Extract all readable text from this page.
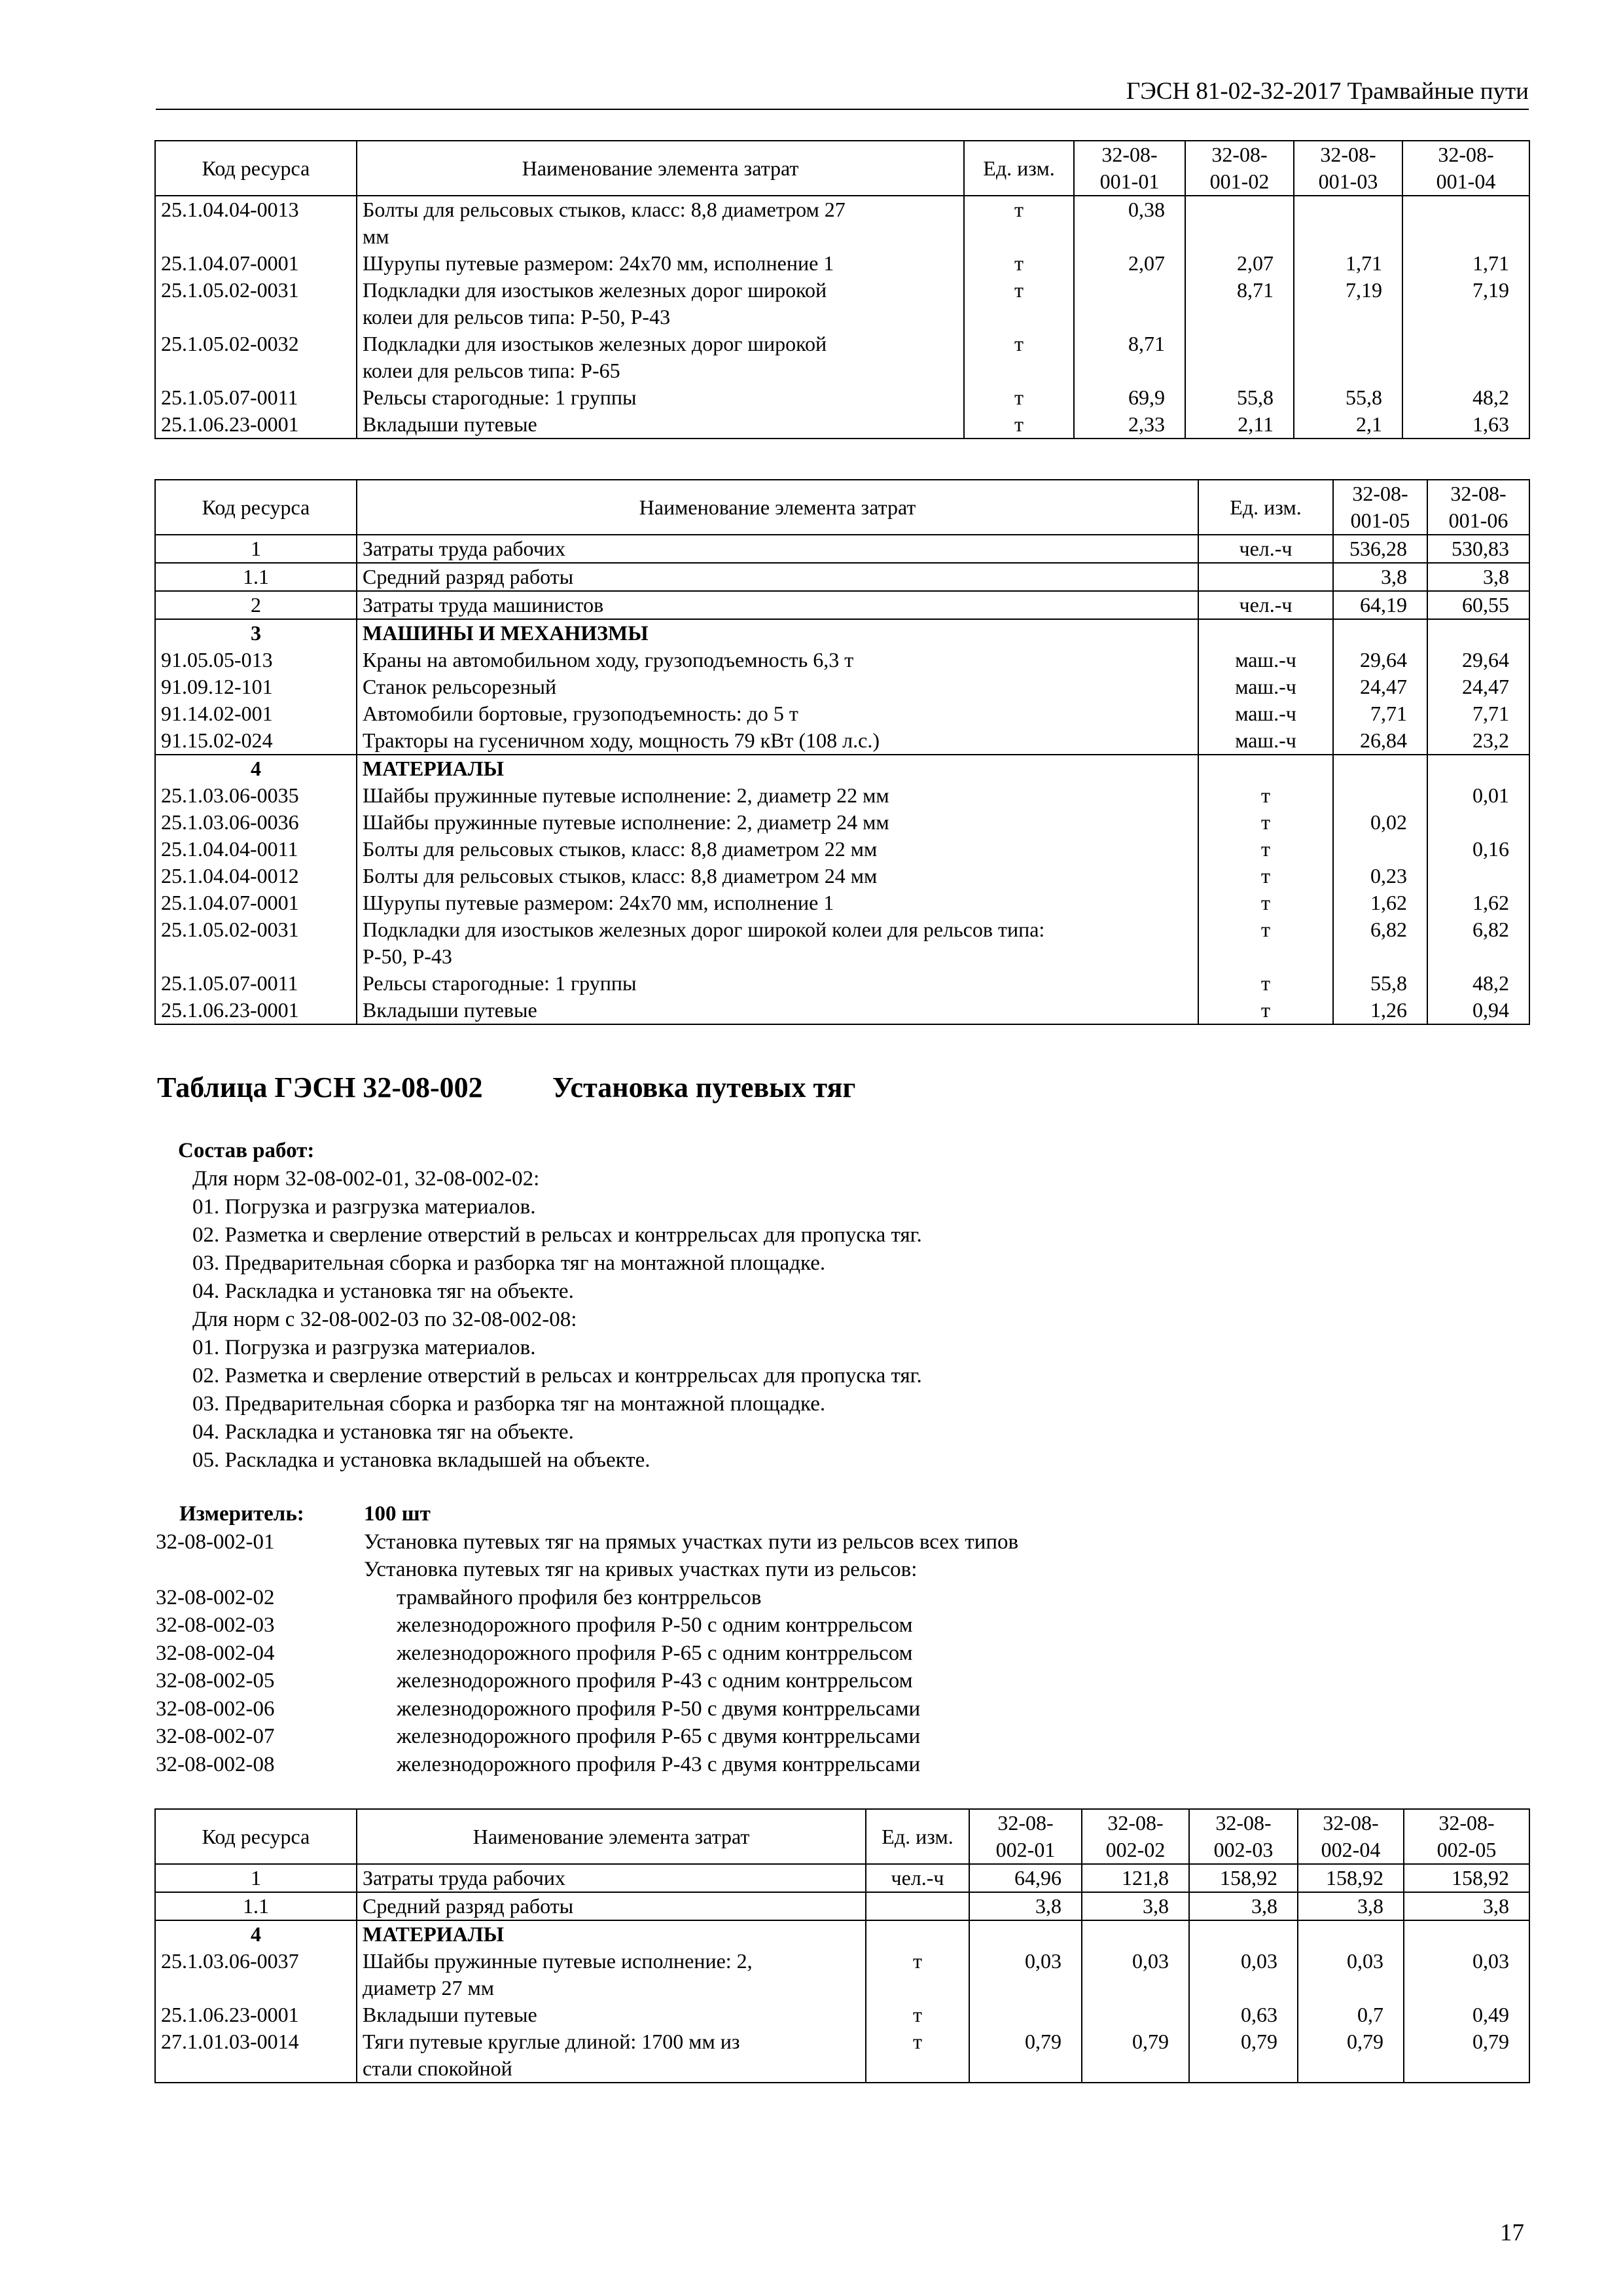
ГЭСН 81-02-32-2017 Трамвайные пути
Код ресурса	Наименование элемента затрат	Ед. изм.	32-08-
001-01	32-08-
001-02	32-08-
001-03	32-08-
001-04
25.1.04.04-0013	Болты для рельсовых стыков, класс: 8,8 диаметром 27
мм	т	0,38			
25.1.04.07-0001	Шурупы путевые размером: 24х70 мм, исполнение 1	т	2,07	2,07	1,71	1,71
25.1.05.02-0031	Подкладки для изостыков железных дорог широкой
колеи для рельсов типа: Р-50, Р-43	т		8,71	7,19	7,19
25.1.05.02-0032	Подкладки для изостыков железных дорог широкой
колеи для рельсов типа: Р-65	т	8,71			
25.1.05.07-0011	Рельсы старогодные: 1 группы	т	69,9	55,8	55,8	48,2
25.1.06.23-0001	Вкладыши путевые	т	2,33	2,11	2,1	1,63
Код ресурса	Наименование элемента затрат	Ед. изм.	32-08-
001-05	32-08-
001-06
1	Затраты труда рабочих	чел.-ч	536,28	530,83
1.1	Средний разряд работы		3,8	3,8
2	Затраты труда машинистов	чел.-ч	64,19	60,55
3	МАШИНЫ И МЕХАНИЗМЫ			
91.05.05-013	Краны на автомобильном ходу, грузоподъемность 6,3 т	маш.-ч	29,64	29,64
91.09.12-101	Станок рельсорезный	маш.-ч	24,47	24,47
91.14.02-001	Автомобили бортовые, грузоподъемность: до 5 т	маш.-ч	7,71	7,71
91.15.02-024	Тракторы на гусеничном ходу, мощность 79 кВт (108 л.с.)	маш.-ч	26,84	23,2
4	МАТЕРИАЛЫ			
25.1.03.06-0035	Шайбы пружинные путевые исполнение: 2, диаметр 22 мм	т		0,01
25.1.03.06-0036	Шайбы пружинные путевые исполнение: 2, диаметр 24 мм	т	0,02	
25.1.04.04-0011	Болты для рельсовых стыков, класс: 8,8 диаметром 22 мм	т		0,16
25.1.04.04-0012	Болты для рельсовых стыков, класс: 8,8 диаметром 24 мм	т	0,23	
25.1.04.07-0001	Шурупы путевые размером: 24х70 мм, исполнение 1	т	1,62	1,62
25.1.05.02-0031	Подкладки для изостыков железных дорог широкой колеи для рельсов типа:
Р-50, Р-43	т	6,82	6,82
25.1.05.07-0011	Рельсы старогодные: 1 группы	т	55,8	48,2
25.1.06.23-0001	Вкладыши путевые	т	1,26	0,94
Таблица ГЭСН 32-08-002 Установка путевых тяг
Состав работ:
Для норм 32-08-002-01, 32-08-002-02:
01. Погрузка и разгрузка материалов.
02. Разметка и сверление отверстий в рельсах и контррельсах для пропуска тяг.
03. Предварительная сборка и разборка тяг на монтажной площадке.
04. Раскладка и установка тяг на объекте.
Для норм с 32-08-002-03 по 32-08-002-08:
01. Погрузка и разгрузка материалов.
02. Разметка и сверление отверстий в рельсах и контррельсах для пропуска тяг.
03. Предварительная сборка и разборка тяг на монтажной площадке.
04. Раскладка и установка тяг на объекте.
05. Раскладка и установка вкладышей на объекте.
Измеритель:	100 шт
32-08-002-01	Установка путевых тяг на прямых участках пути из рельсов всех типов
Установка путевых тяг на кривых участках пути из рельсов:
32-08-002-02	трамвайного профиля без контррельсов
32-08-002-03	железнодорожного профиля Р-50 с одним контррельсом
32-08-002-04	железнодорожного профиля Р-65 с одним контррельсом
32-08-002-05	железнодорожного профиля Р-43 с одним контррельсом
32-08-002-06	железнодорожного профиля Р-50 с двумя контррельсами
32-08-002-07	железнодорожного профиля Р-65 с двумя контррельсами
32-08-002-08	железнодорожного профиля Р-43 с двумя контррельсами
Код ресурса	Наименование элемента затрат	Ед. изм.	32-08-
002-01	32-08-
002-02	32-08-
002-03	32-08-
002-04	32-08-
002-05
1	Затраты труда рабочих	чел.-ч	64,96	121,8	158,92	158,92	158,92
1.1	Средний разряд работы		3,8	3,8	3,8	3,8	3,8
4	МАТЕРИАЛЫ						
25.1.03.06-0037	Шайбы пружинные путевые исполнение: 2,
диаметр 27 мм	т	0,03	0,03	0,03	0,03	0,03
25.1.06.23-0001	Вкладыши путевые	т			0,63	0,7	0,49
27.1.01.03-0014	Тяги путевые круглые длиной: 1700 мм из
стали спокойной	т	0,79	0,79	0,79	0,79	0,79
17
